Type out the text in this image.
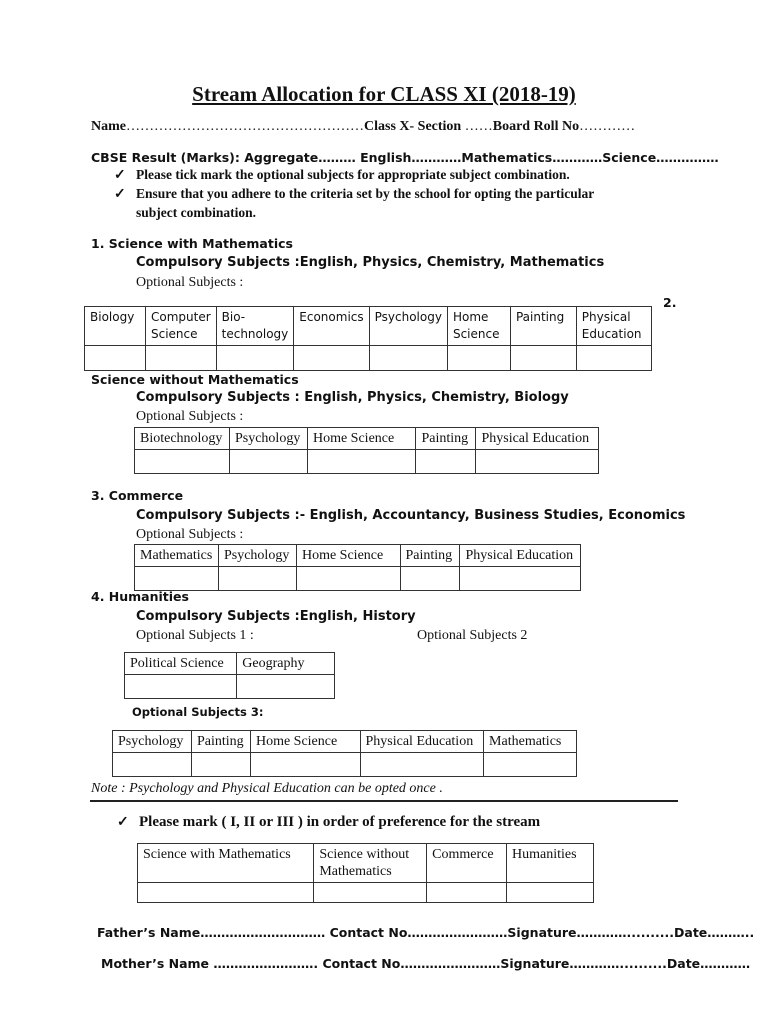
Stream Allocation for CLASS XI (2018-19)
Name……………………………………………Class X- Section ……Board Roll No…………
CBSE Result (Marks): Aggregate……… English…………Mathematics…………Science……………
✓ Please tick mark the optional subjects for appropriate subject combination.
✓ Ensure that you adhere to the criteria set by the school for opting the particular
subject combination.
1. Science with Mathematics
Compulsory Subjects :English, Physics, Chemistry, Mathematics
Optional Subjects :
2.
Biology	Computer Science	Bio- technology	Economics	Psychology	Home Science	Painting	Physical Education

Science without Mathematics
Compulsory Subjects : English, Physics, Chemistry, Biology
Optional Subjects :
Biotechnology	Psychology	Home Science	Painting	Physical Education

3. Commerce
Compulsory Subjects :- English, Accountancy, Business Studies, Economics
Optional Subjects :
Mathematics	Psychology	Home Science	Painting	Physical Education

4. Humanities
Compulsory Subjects :English, History
Optional Subjects 1 :	Optional Subjects 2
Political Science	Geography

Optional Subjects 3:
Psychology	Painting	Home Science	Physical Education	Mathematics

Note : Psychology and Physical Education can be opted once .
✓ Please mark ( I, II or III ) in order of preference for the stream
Science with Mathematics	Science without Mathematics	Commerce	Humanities

Father’s Name………………………… Contact No……………………Signature…………..........Date………..
Mother’s Name ……………………. Contact No……………………Signature…………..........Date…………
